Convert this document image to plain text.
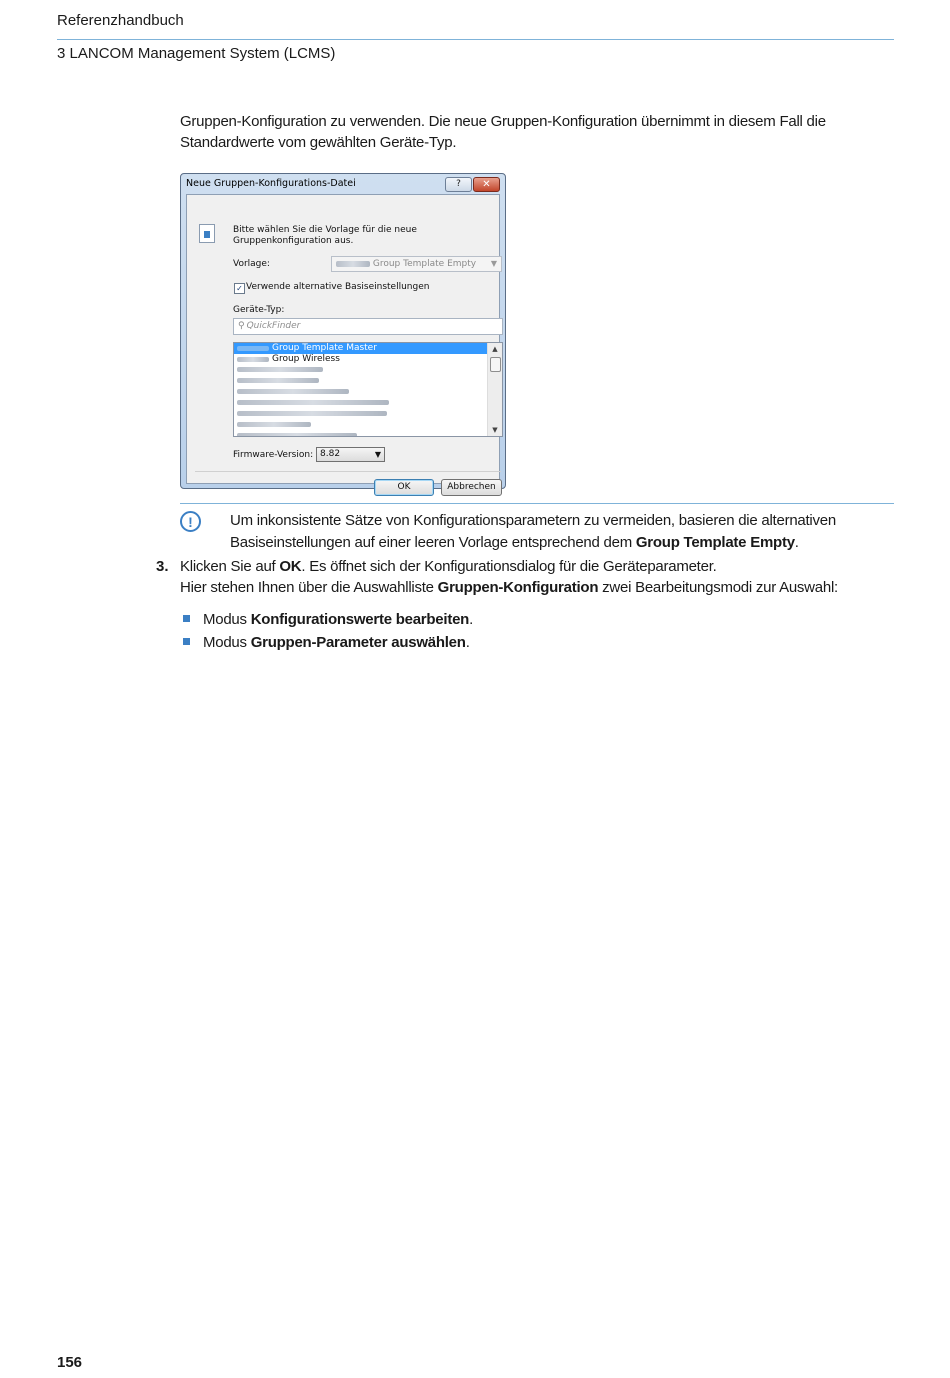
Referenzhandbuch
3 LANCOM Management System (LCMS)
Gruppen-Konfiguration zu verwenden. Die neue Gruppen-Konfiguration übernimmt in diesem Fall die Standardwerte vom gewählten Geräte-Typ.
Neue Gruppen-Konfigurations-Datei	?	✕
Bitte wählen Sie die Vorlage für die neue Gruppenkonfiguration aus.
Vorlage:	Group Template Empty ▼
✓ Verwende alternative Basiseinstellungen
Geräte-Typ:
⚲ QuickFinder
Group Template Master
Group Wireless
▲
▼
Firmware-Version: 8.82	▼
OK	Abbrechen
!	Um inkonsistente Sätze von Konfigurationsparametern zu vermeiden, basieren die alternativen Basiseinstellungen auf einer leeren Vorlage entsprechend dem Group Template Empty.
3. Klicken Sie auf OK. Es öffnet sich der Konfigurationsdialog für die Geräteparameter.
Hier stehen Ihnen über die Auswahlliste Gruppen-Konfiguration zwei Bearbeitungsmodi zur Auswahl:
Modus Konfigurationswerte bearbeiten.
Modus Gruppen-Parameter auswählen.
156
